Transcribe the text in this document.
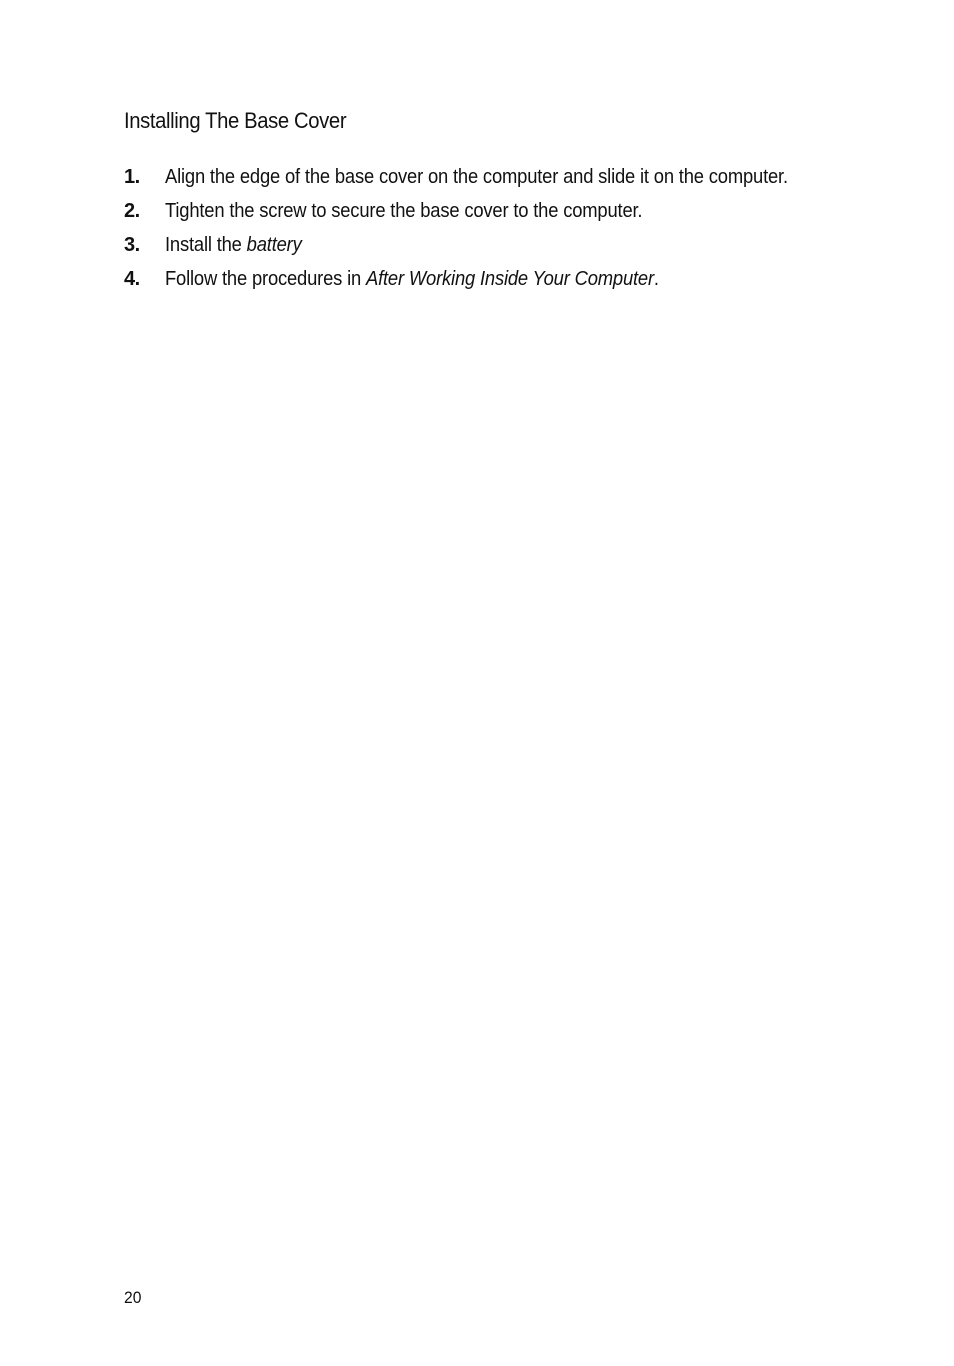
Installing The Base Cover
1. Align the edge of the base cover on the computer and slide it on the computer.
2. Tighten the screw to secure the base cover to the computer.
3. Install the battery
4. Follow the procedures in After Working Inside Your Computer.
20
